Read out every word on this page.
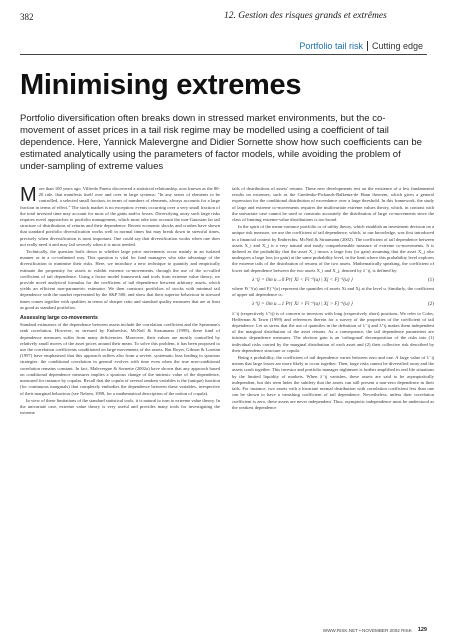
382	12. Gestion des risques grands et extrêmes
Portfolio tail risk Cutting edge
Minimising extremes
Portfolio diversification often breaks down in stressed market environments, but the co-movement of asset prices in a tail risk regime may be modelled using a coefficient of tail dependence. Here, Yannick Malevergne and Didier Sornette show how such coefficients can be estimated analytically using the parameters of factor models, while avoiding the problem of under-sampling of extreme values

More than 100 years ago, Vilfredo Pareto discovered a statistical relationship, now known as the 80-20 rule, that manifests itself over and over in large systems: "In any series of elements to be controlled, a selected small fraction, in terms of numbers of elements, always accounts for a large fraction in terms of effect." The stock market is no exception: events occurring over a very small fraction of the total invested time may account for most of the gains and/or losses. Diversifying away such large risks requires novel approaches to portfolio management, which must take into account the non-Gaussian fat tail structure of distributions of returns and their dependence. Recent economic shocks and crashes have shown that standard portfolio diversification works well in normal times but may break down in stressful times, precisely when diversification is most important. One could say that diversification works when one does not really need it and may fail severely when it is most needed.

Technically, the question boils down to whether large price movements occur mainly in an isolated manner or in a co-ordinated way. This question is vital for fund managers who take advantage of the diversification to minimise their risks. Here, we introduce a new technique to quantify and empirically estimate the propensity for assets to exhibit extreme co-movements, through the use of the so-called coefficient of tail dependence. Using a factor model framework and tools from extreme value theory, we provide novel analytical formulas for the coefficient of tail dependence between arbitrary assets, which yields an efficient non-parametric estimator. We then construct portfolios of stocks with minimal tail dependence with the market represented by the S&P 500, and show that their superior behaviour in stressed times comes together with qualities in terms of sharper ratio and standard quality measures that are at least as good as standard portfolios.

Assessing large co-movements

Standard estimators of the dependence between assets include the correlation coefficient and the Spearman's rank correlation. However, as stressed by Embrechts, McNeil & Straumann (1999), these kind of dependence measures suffer from many deficiencies. Moreover, their values are mostly controlled by relatively small moves of the asset prices around their mean. To solve this problem, it has been proposed to use the correlation coefficients conditioned on large movements of the assets. But Boyer, Gibson & Loretan (1997) have emphasised that this approach suffers also from a severe, systematic bias leading to spurious strategies: the conditional correlation in general evolves with time even when the true non-conditional correlation remains constant. In fact, Malevergne & Sornette (2002a) have shown that any approach based on conditional dependence measures implies a spurious change of the intrinsic value of the dependence, measured for instance by copulas. Recall that the copula of several random variables is the (unique) function (for continuous marginals) that completely embodies the dependence between these variables, irrespective of their marginal behaviour (see Nelsen, 1998, for a mathematical description of the notion of copula).

In view of these limitations of the standard statistical tools, it is natural to turn to extreme value theory. In the univariate case, extreme value theory is very useful and provides many tools for investigating the extreme

tails of distributions of assets' returns. These new developments rest on the existence of a few fundamental results on extremes, such as the Gnedenko-Pickands-Balkema-de Haan theorem, which gives a general expression for the conditional distribution of exceedance over a large threshold. In this framework, the study of large and extreme co-movements requires the multivariate extreme values theory, which, in contrast with the univariate case cannot be used to constrain accurately the distribution of large co-movements since the class of limiting extreme-value distributions is too broad.

In the spirit of the mean-variance portfolio or of utility theory, which establish an investment decision on a unique risk measure, we use the coefficient of tail dependence, which, to our knowledge, was first introduced in a financial context by Embrechts, McNeil & Straumann (2002). The coefficient of tail dependence between assets X_i and X_j is a very natural and easily comprehensible measure of extreme co-movements. It is defined as the probability that the asset X_i incurs a large loss (or gain) assuming that the asset X_j also undergoes a large loss (or gain) at the same probability level, in the limit where this probability level explores the extreme tails of the distribution of returns of the two assets. Mathematically speaking, the coefficient of lower tail dependence between the two assets X_i and X_j, denoted by λ⁻ij, is defined by:

λ⁻ij = lim u→0 Pr{ Xi < Fi⁻¹(u) | Xj < Fj⁻¹(u) }	(1)

where Fi⁻¹(u) and Fj⁻¹(u) represent the quantiles of assets Xi and Xj at the level u. Similarly, the coefficient of upper tail dependence is:

λ⁺ij = lim u→1 Pr{ Xi > Fi⁻¹(u) | Xj > Fj⁻¹(u) }	(2)

λ⁻ij (respectively λ⁺ij) is of concern to investors with long (respectively short) positions. We refer to Coles, Heffernan & Tawn (1999) and references therein for a survey of the properties of the coefficient of tail dependence. Let us stress that the use of quantiles in the definition of λ⁻ij and λ⁺ij makes them independent of the marginal distribution of the asset returns. As a consequence, the tail dependence parameters are intrinsic dependence measures. The obvious gain is an 'orthogonal' decomposition of the risks into (1) individual risks carried by the marginal distribution of each asset and (2) their collective risk described by their dependence structure or copula.

Being a probability, the coefficient of tail dependence varies between zero and one. A large value of λ⁻ij means that large losses are more likely to occur together. Then, large risks cannot be diversified away and the assets crash together. This investor and portfolio manager nightmare is further amplified in real life situations by the limited liquidity of markets. When λ⁻ij vanishes, these assets are said to be asymptotically independent, but this term hides the subtlety that the assets can still present a non-zero dependence in their tails. For instance, two assets with a bivariate normal distribution with correlation coefficient less than one can be shown to have a vanishing coefficient of tail dependence. Nevertheless, unless their correlation coefficient is zero, these assets are never independent. Thus, asymptotic independence must be understood as the weakest dependence

WWW.RISK.NET • NOVEMBER 2002 RISK 129
